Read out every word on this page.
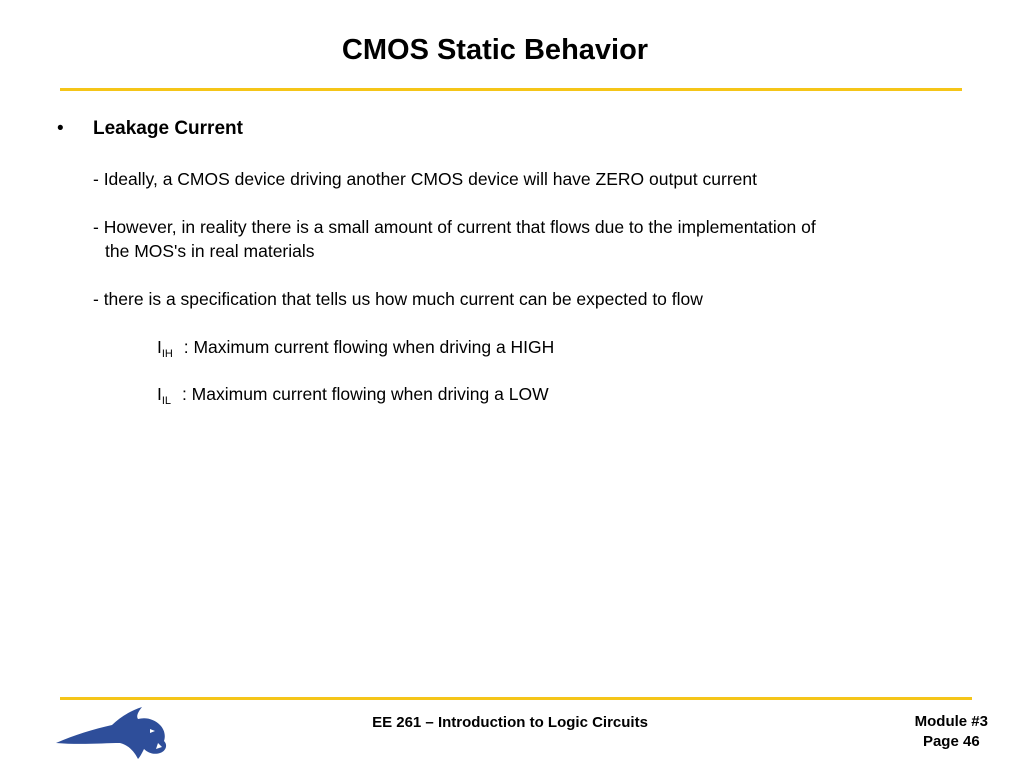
CMOS Static Behavior
• Leakage Current
- Ideally, a CMOS device driving another CMOS device will have ZERO output current
- However, in reality there is a small amount of current that flows due to the implementation of
the MOS's in real materials
- there is a specification that tells us how much current can be expected to flow
$I_{IH}$ : Maximum current flowing when driving a HIGH
$I_{IL}$ : Maximum current flowing when driving a LOW
EE 261 – Introduction to Logic Circuits	Module #3
Page 46
